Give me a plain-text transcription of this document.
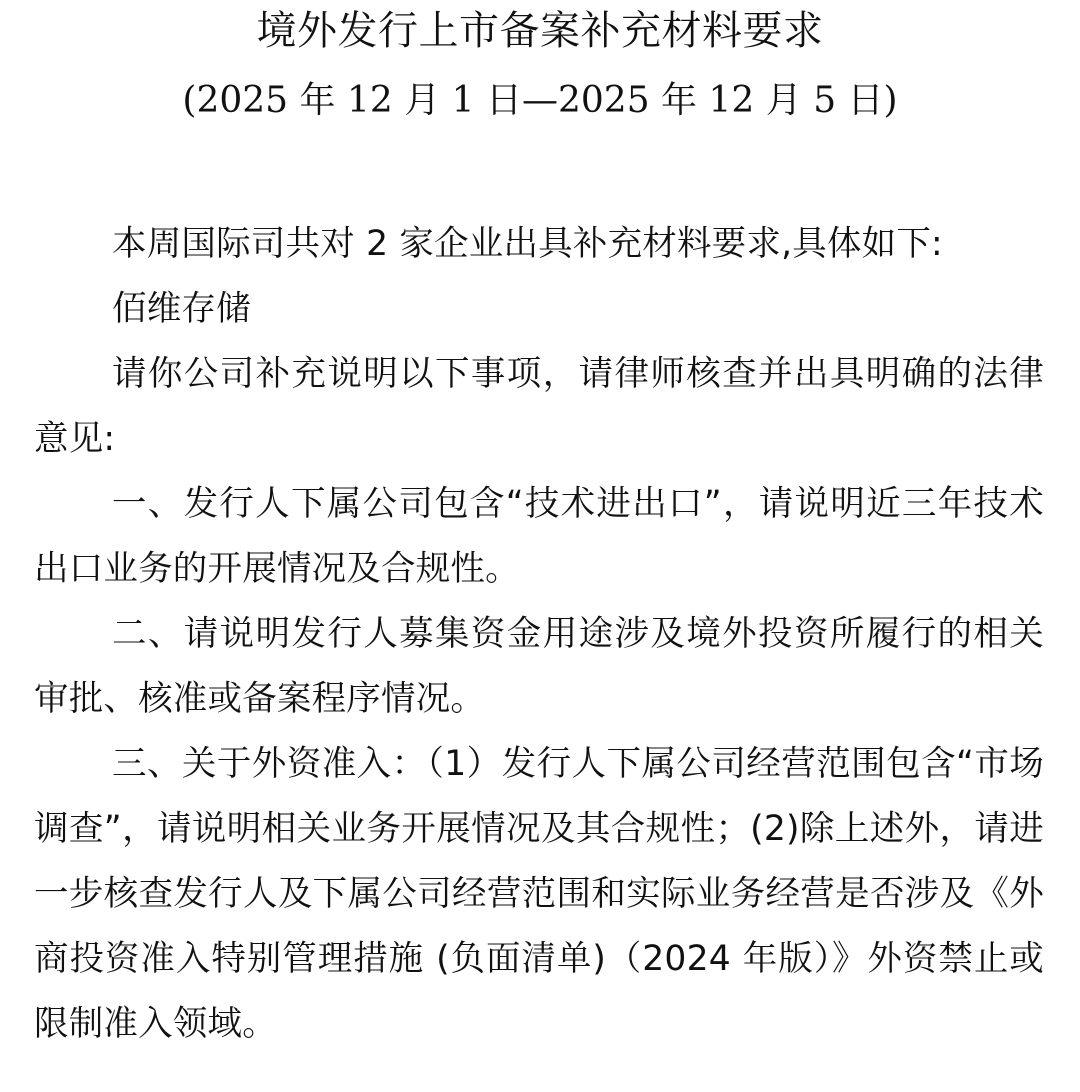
境外发行上市备案补充材料要求
(2025 年 12 月 1 日—2025 年 12 月 5 日)

本周国际司共对 2 家企业出具补充材料要求,具体如下:

佰维存储

请你公司补充说明以下事项，请律师核查并出具明确的法律意见:

一、发行人下属公司包含“技术进出口”，请说明近三年技术出口业务的开展情况及合规性。

二、请说明发行人募集资金用途涉及境外投资所履行的相关审批、核准或备案程序情况。

三、关于外资准入：（1）发行人下属公司经营范围包含“市场调查”，请说明相关业务开展情况及其合规性；(2)除上述外，请进一步核查发行人及下属公司经营范围和实际业务经营是否涉及《外商投资准入特别管理措施 (负面清单)（2024 年版）》外资禁止或限制准入领域。
